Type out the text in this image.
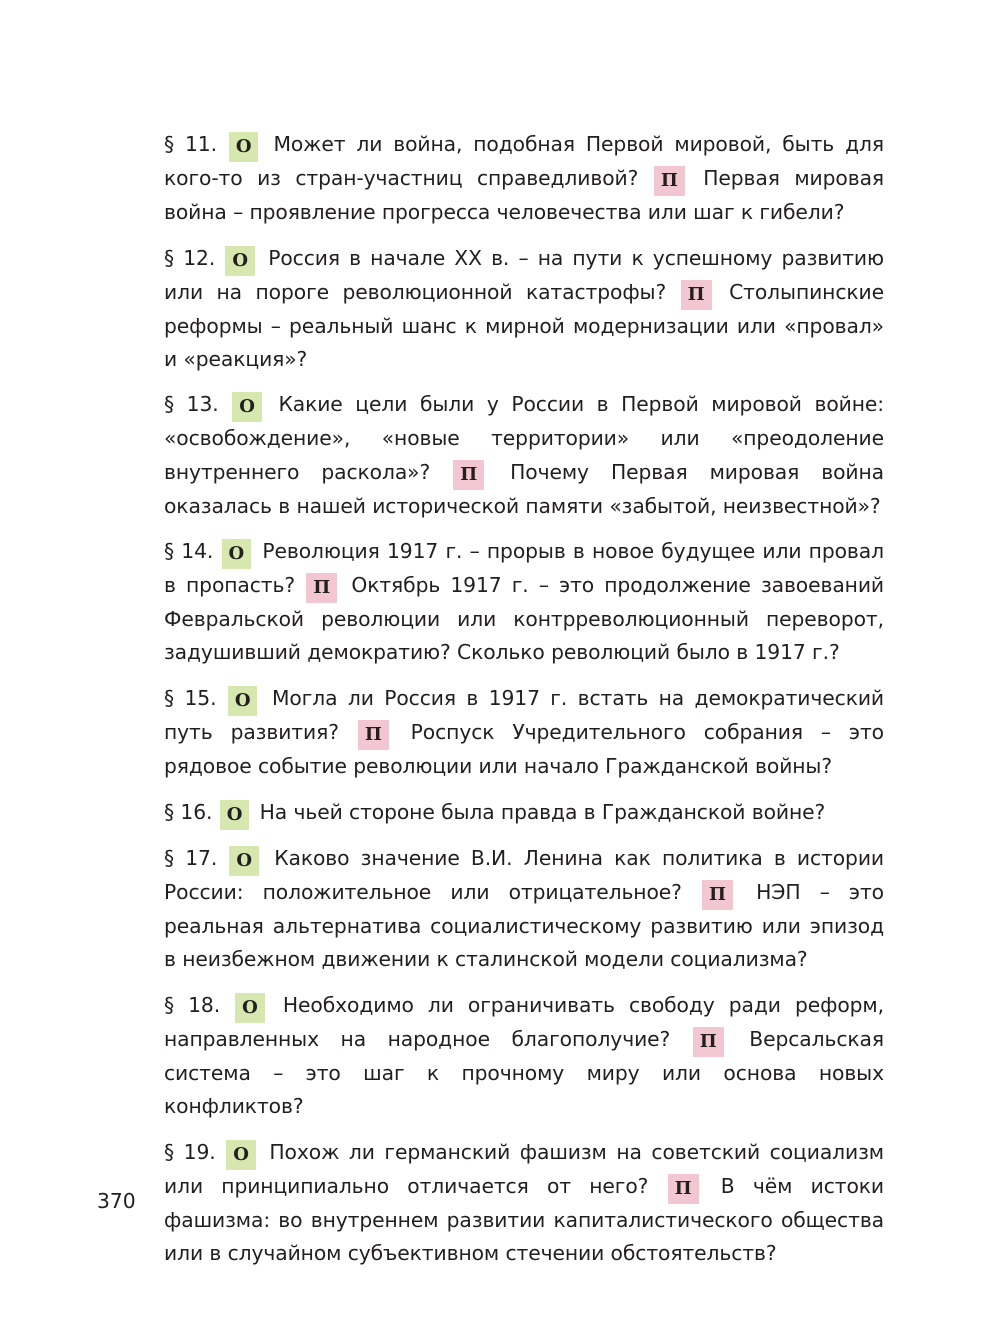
§ 11. О Может ли война, подобная Первой мировой, быть для кого-то из стран-участниц справедливой? П Первая мировая война – проявление прогресса человечества или шаг к гибели?

§ 12. О Россия в начале XX в. – на пути к успешному развитию или на пороге революционной катастрофы? П Столыпинские реформы – реальный шанс к мирной модернизации или «провал» и «реакция»?

§ 13. О Какие цели были у России в Первой мировой войне: «освобождение», «новые территории» или «преодоление внутреннего раскола»? П Почему Первая мировая война оказалась в нашей исторической памяти «забытой, неизвестной»?

§ 14. О Революция 1917 г. – прорыв в новое будущее или провал в пропасть? П Октябрь 1917 г. – это продолжение завоеваний Февральской революции или контрреволюционный переворот, задушивший демократию? Сколько революций было в 1917 г.?

§ 15. О Могла ли Россия в 1917 г. встать на демократический путь развития? П Роспуск Учредительного собрания – это рядовое событие революции или начало Гражданской войны?

§ 16. О На чьей стороне была правда в Гражданской войне?

§ 17. О Каково значение В.И. Ленина как политика в истории России: положительное или отрицательное? П НЭП – это реальная альтернатива социалистическому развитию или эпизод в неизбежном движении к сталинской модели социализма?

§ 18. О Необходимо ли ограничивать свободу ради реформ, направленных на народное благополучие? П Версальская система – это шаг к прочному миру или основа новых конфликтов?

§ 19. О Похож ли германский фашизм на советский социализм или принципиально отличается от него? П В чём истоки фашизма: во внутреннем развитии капиталистического общества или в случайном субъективном стечении обстоятельств?

370
